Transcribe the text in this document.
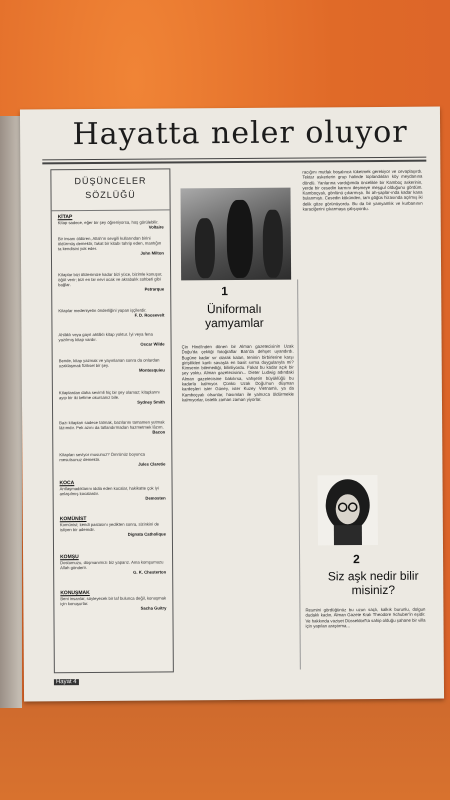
Hayatta neler oluyor
DÜŞÜNCELER SÖZLÜĞÜ
KİTAP
Kitap sadece, eğer bir şey öğreniyorsa, hoş görülebilir.
Voltaire
Bir insanı öldüren, Allah'ın sevgili kullarından birini öldürmüş demektir, fakat bir kitabı tahrip eden, mantığın ta kendisini yok eder.
John Milton
Kitaplar bizi ölülerimize kadar bizi yüce, bizimle konuşur, öğüt verir; bizi en bir nevi ocak ve akrabalık sohbeti gibi bağlar.
Petrarque
Kitaplar medeniyetin önderliğini yapan işçilerdir.
F. D. Roosevelt
Ahlâklı veya gayri ahlâklı kitap yoktur. İyi veya fena yazılmış kitap vardır.
Oscar Wilde
Bende, kitap yazmak ve yayınlanan sonra da onlardan uzaklaşmak fiziksel bir şey.
Montesquieu
Kitaplardan daha sevimli hiç bir şey olamaz; kitaplarını ayıp bir iki kelime okursanız bile.
Sydney Smith
Bazı kitapları sadece tatmak, bazılarını tamamen yutmak lâzımdır. Pek azını da tatlandırmadan hazmetmek lâzım.
Bacon
Kitapları seviyor musunuz? Ömrünüz boyunca mesutsunuz demektir.
Jules Claretie
KOCA
Antlaşmadıklarını iddia eden kocalar, hakikatte çok iyi anlaşılmış kocalardır.
Demosten
KOMÜNİST
Komünist; kendi pastasını yedikten sonra, sizinkini de istiyen bir ademdir.
Dignata Catholique
KOMŞU
Dostumuzu, düşmanımızı biz yaparız. Ama komşumuzu Allah gönderir.
G. K. Chesterton
KONUŞMAK
Beni insanlar, söyleyecek bir laf bulunca değil, konuşmak için konuşurlar.
Sacha Guitry
1
Üniformalı yamyamlar
Çin Hindi'nden dönen bir Alman gazetecisinin Uzak Doğu'da çektiği fotoğraflar Batı'da dehşet uyandırdı. Bugüne kadar sır olarak kalan, teninin birbirlerine karşı girişilikleri kanlı savaşta en basit sırma duygularıyla mi? Kimsenin bilemediği, bilinliyordu. Fakat bu kadar açık bir şey yoktu. Alman gazetecisinin... Dieter Ludwig adındaki Alman gazetecisine bakılırsa, vahşetin büyüklüğü bu kadarla kalmıyor. Çünkü Uzak Doğu'nun düşman kardeşleri ister Güney, ister Kuzey Vietnamlı, ya da Kamboçyalı olsunlar, hasımları ile yalnızca öldürmekle kalmıyorlar, üstelik zaman zaman yiyorlar.
racığını mutfak boşalınca tüketmek gerekiyor ve cevaplaşırdı. Tektar askerlerin grup halinde toplandıkları köy meydanına döndü. Yanlarına vardığımda öncelikle bir Kamboç askerinin, yerde bir cesedin karnını deşmeye meşgul olduğunu gördüm. Kamboçyalı, gönlünü çıkarmıştı. İki ah-şaplar-ında kadar kana bulanmıştı. Cesedin kökünden, tam göğüs hizasında açılmış iki delik göze görünüyordu. Bu da bir yamyamlık ve kurbanının karaciğerini çıkarmaya çalışıyordu.
2
Siz aşk nedir bilir misiniz?
Resmini gördüğünüz bu uzun saçlı, kalkık burunlu, dolgun dudaklı kadın, Alman Gazete Kralı Theodore Schuber'in eşidir. Ve hakkında vaziyet Düsseldorf'ta sahip olduğu şahane bir villa için yapılan araştırma...
Hayat 4
